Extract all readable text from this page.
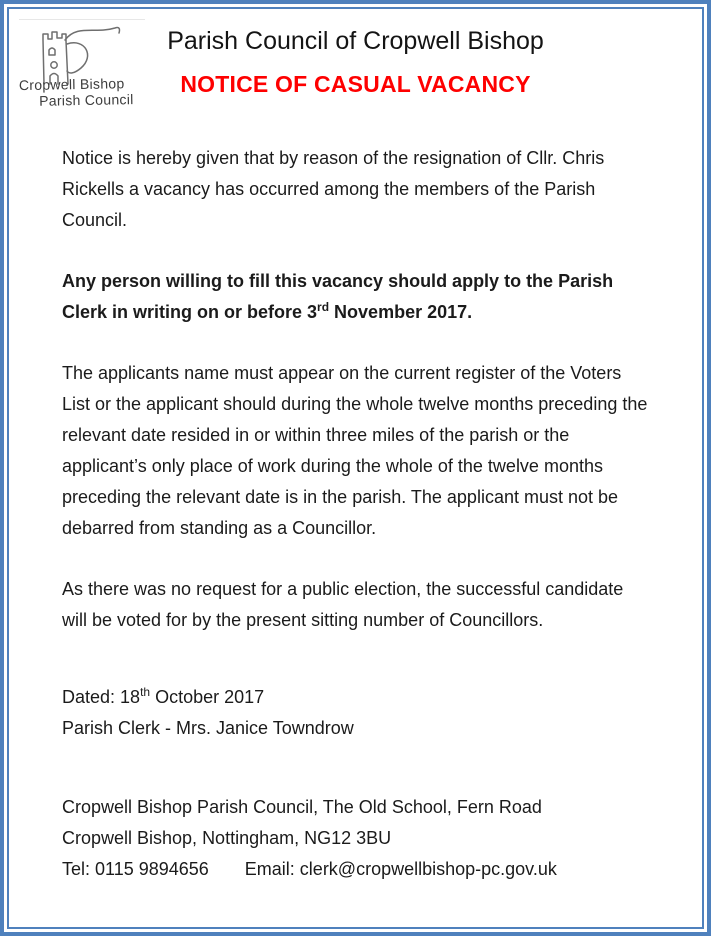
Cropwell Bishop
Parish Council
Parish Council of Cropwell Bishop
NOTICE OF CASUAL VACANCY

Notice is hereby given that by reason of the resignation of Cllr. Chris Rickells a vacancy has occurred among the members of the Parish Council.

Any person willing to fill this vacancy should apply to the Parish Clerk in writing on or before 3rd November 2017.

The applicants name must appear on the current register of the Voters List or the applicant should during the whole twelve months preceding the relevant date resided in or within three miles of the parish or the applicant’s only place of work during the whole of the twelve months preceding the relevant date is in the parish. The applicant must not be debarred from standing as a Councillor.

As there was no request for a public election, the successful candidate will be voted for by the present sitting number of Councillors.

Dated: 18th October 2017
Parish Clerk - Mrs. Janice Towndrow
Cropwell Bishop Parish Council, The Old School, Fern Road
Cropwell Bishop, Nottingham, NG12 3BU
Tel: 0115 9894656 Email: clerk@cropwellbishop-pc.gov.uk
